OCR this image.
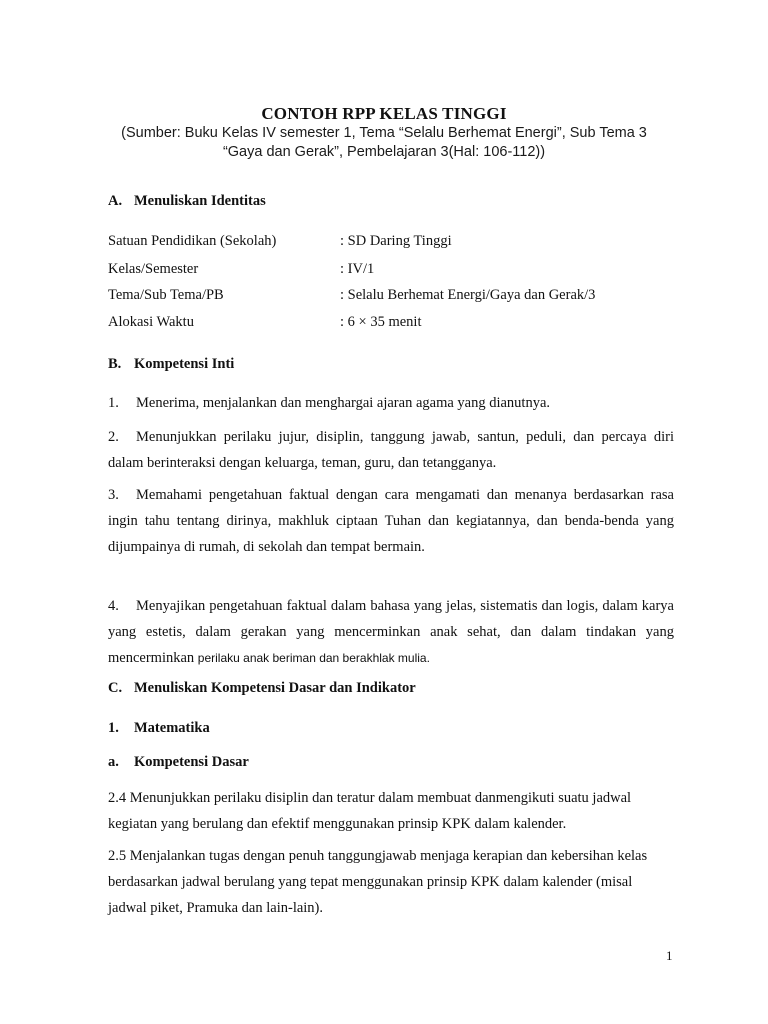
CONTOH RPP KELAS TINGGI
(Sumber: Buku Kelas IV semester 1, Tema “Selalu Berhemat Energi”, Sub Tema 3
“Gaya dan Gerak”, Pembelajaran 3(Hal: 106-112))
A. Menuliskan Identitas
Satuan Pendidikan (Sekolah)	: SD Daring Tinggi
Kelas/Semester	: IV/1
Tema/Sub Tema/PB	: Selalu Berhemat Energi/Gaya dan Gerak/3
Alokasi Waktu	: 6 × 35 menit
B. Kompetensi Inti
1. Menerima, menjalankan dan menghargai ajaran agama yang dianutnya.
2. Menunjukkan perilaku jujur, disiplin, tanggung jawab, santun, peduli, dan percaya diri dalam berinteraksi dengan keluarga, teman, guru, dan tetangganya.
3. Memahami pengetahuan faktual dengan cara mengamati dan menanya berdasarkan rasa ingin tahu tentang dirinya, makhluk ciptaan Tuhan dan kegiatannya, dan benda-benda yang dijumpainya di rumah, di sekolah dan tempat bermain.
4. Menyajikan pengetahuan faktual dalam bahasa yang jelas, sistematis dan logis, dalam karya yang estetis, dalam gerakan yang mencerminkan anak sehat, dan dalam tindakan yang mencerminkan perilaku anak beriman dan berakhlak mulia.
C. Menuliskan Kompetensi Dasar dan Indikator
1. Matematika
a. Kompetensi Dasar
2.4 Menunjukkan perilaku disiplin dan teratur dalam membuat danmengikuti suatu jadwal kegiatan yang berulang dan efektif menggunakan prinsip KPK dalam kalender.
2.5 Menjalankan tugas dengan penuh tanggungjawab menjaga kerapian dan kebersihan kelas berdasarkan jadwal berulang yang tepat menggunakan prinsip KPK dalam kalender (misal jadwal piket, Pramuka dan lain-lain).
1
